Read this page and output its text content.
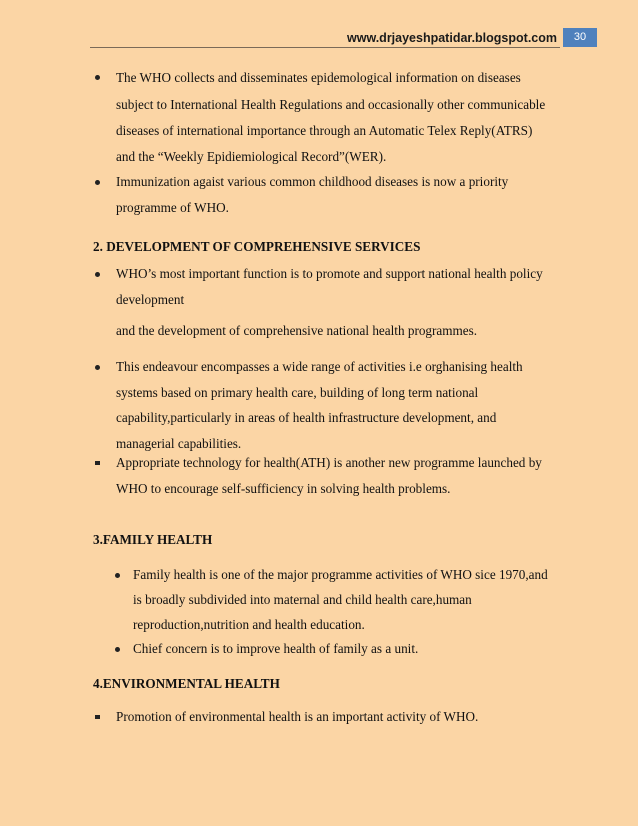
www.drjayeshpatidar.blogspot.com	30
The WHO collects and disseminates epidemological information on diseases
subject to International Health Regulations and occasionally other communicable
diseases of international importance through an Automatic Telex Reply(ATRS)
and the “Weekly Epidiemiological Record”(WER).
Immunization agaist various common childhood diseases is now a priority
programme of WHO.
2. DEVELOPMENT OF COMPREHENSIVE SERVICES
WHO’s most important function is to promote and support national health policy
development
and the development of comprehensive national health programmes.
This endeavour encompasses a wide range of activities i.e orghanising health
systems based on primary health care, building of long term national
capability,particularly in areas of health infrastructure development, and
managerial capabilities.
Appropriate technology for health(ATH) is another new programme launched by
WHO to encourage self-sufficiency in solving health problems.
3.FAMILY HEALTH
Family health is one of the major programme activities of WHO sice 1970,and
is broadly subdivided into maternal and child health care,human
reproduction,nutrition and health education.
Chief concern is to improve health of family as a unit.
4.ENVIRONMENTAL HEALTH
Promotion of environmental health is an important activity of WHO.
